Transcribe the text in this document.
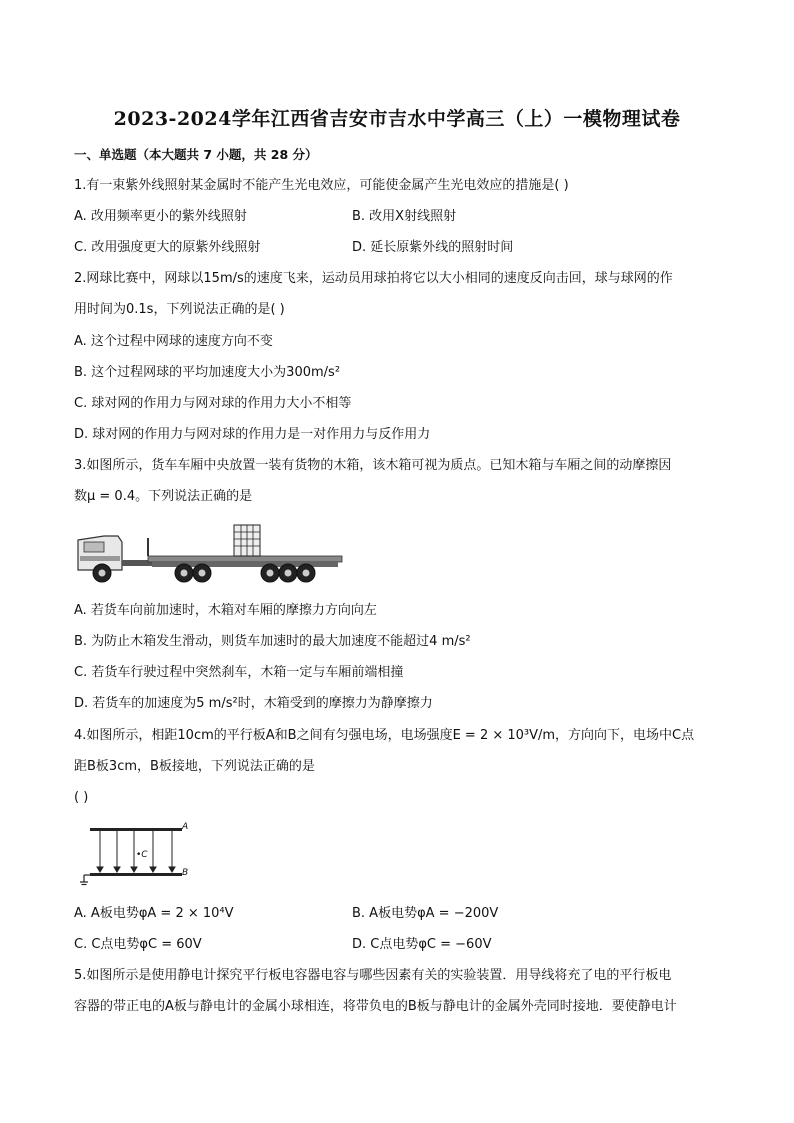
2023-2024学年江西省吉安市吉水中学高三（上）一模物理试卷
一、单选题（本大题共 7 小题，共 28 分）
1.有一束紫外线照射某金属时不能产生光电效应，可能使金属产生光电效应的措施是( )
A. 改用频率更小的紫外线照射	B. 改用X射线照射
C. 改用强度更大的原紫外线照射	D. 延长原紫外线的照射时间
2.网球比赛中，网球以15m/s的速度飞来，运动员用球拍将它以大小相同的速度反向击回，球与球网的作
用时间为0.1s，下列说法正确的是( )
A. 这个过程中网球的速度方向不变
B. 这个过程网球的平均加速度大小为300m/s²
C. 球对网的作用力与网对球的作用力大小不相等
D. 球对网的作用力与网对球的作用力是一对作用力与反作用力
3.如图所示，货车车厢中央放置一装有货物的木箱，该木箱可视为质点。已知木箱与车厢之间的动摩擦因
数μ = 0.4。下列说法正确的是
A. 若货车向前加速时，木箱对车厢的摩擦力方向向左
B. 为防止木箱发生滑动，则货车加速时的最大加速度不能超过4 m/s²
C. 若货车行驶过程中突然刹车，木箱一定与车厢前端相撞
D. 若货车的加速度为5 m/s²时，木箱受到的摩擦力为静摩擦力
4.如图所示，相距10cm的平行板A和B之间有匀强电场，电场强度E = 2 × 10³V/m，方向向下，电场中C点
距B板3cm，B板接地，下列说法正确的是
( )
A
B
•C
A. A板电势φA = 2 × 10⁴V	B. A板电势φA = −200V
C. C点电势φC = 60V	D. C点电势φC = −60V
5.如图所示是使用静电计探究平行板电容器电容与哪些因素有关的实验装置．用导线将充了电的平行板电
容器的带正电的A板与静电计的金属小球相连，将带负电的B板与静电计的金属外壳同时接地．要使静电计
